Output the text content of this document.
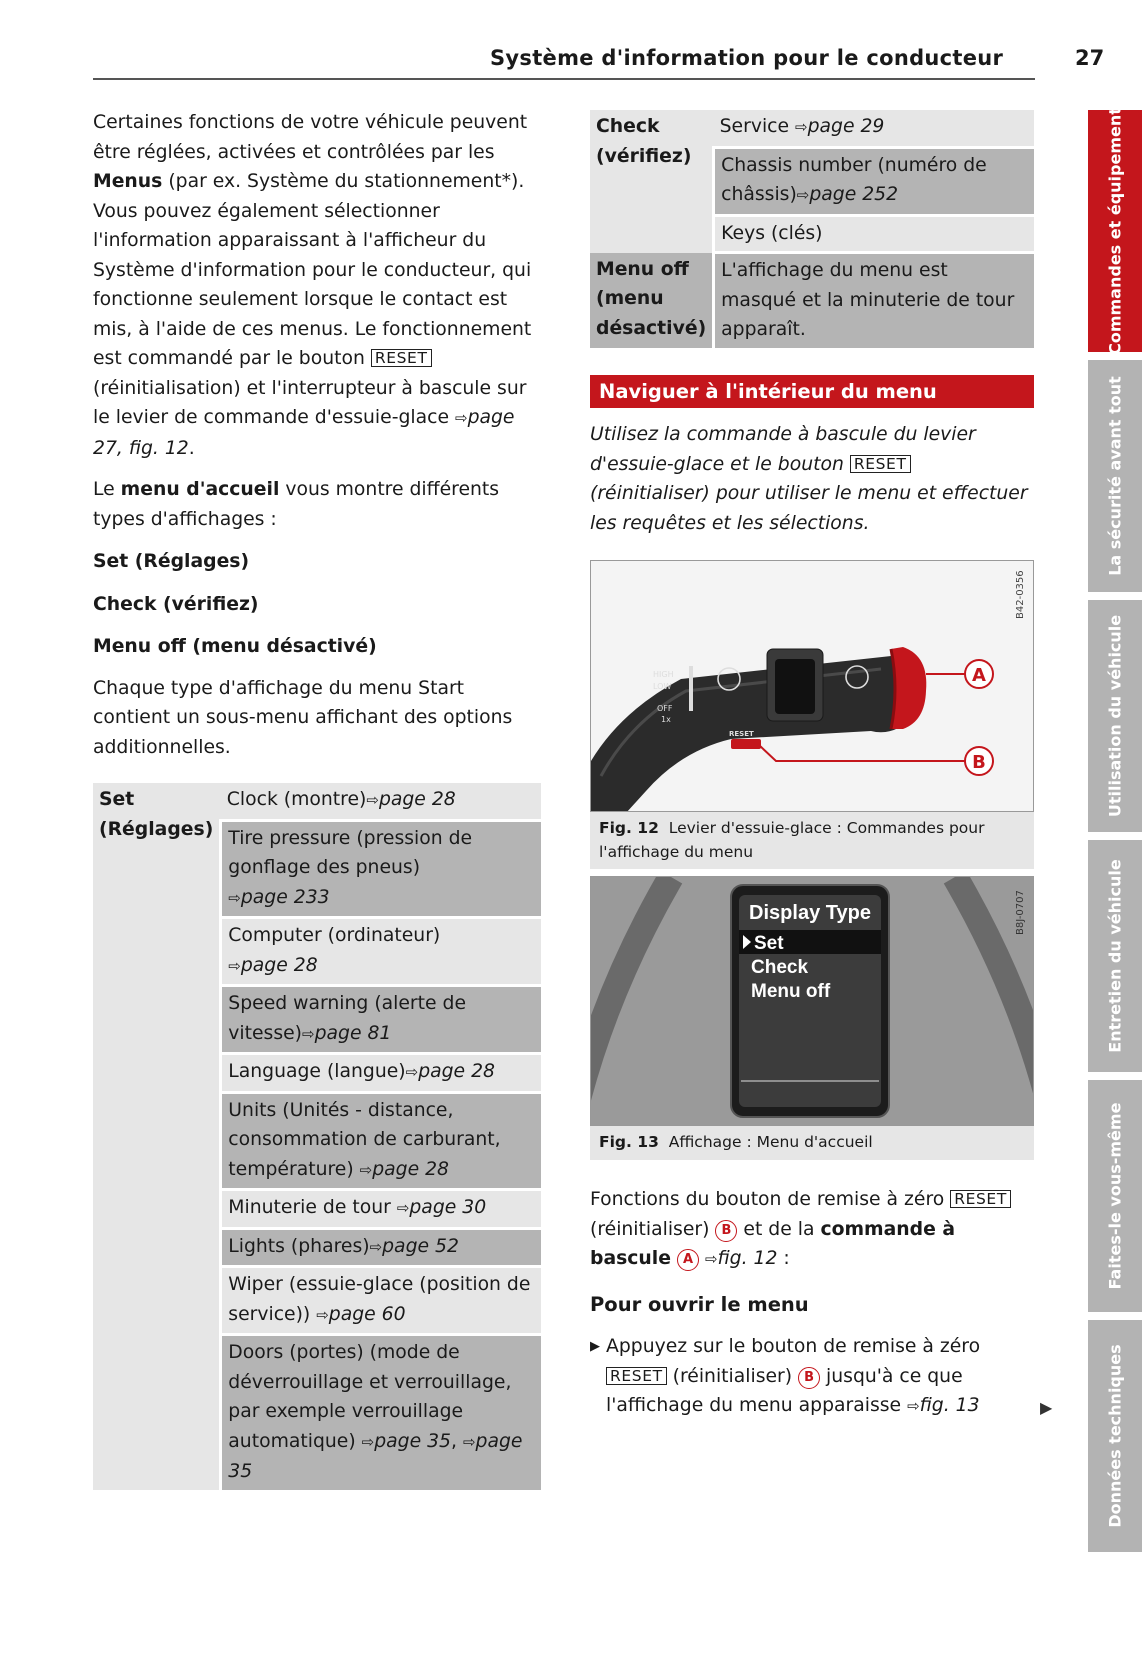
Système d'information pour le conducteur	27

Certaines fonctions de votre véhicule peuvent être réglées, activées et contrôlées par les Menus (par ex. Système du stationnement*). Vous pouvez également sélectionner l'information apparaissant à l'afficheur du Système d'information pour le conducteur, qui fonctionne seulement lorsque le contact est mis, à l'aide de ces menus. Le fonctionnement est commandé par le bouton RESET (réinitialisation) et l'interrupteur à bascule sur le levier de commande d'essuie-glace ⇨page 27, fig. 12.

Le menu d'accueil vous montre différents types d'affichages :

Set (Réglages)

Check (vérifiez)

Menu off (menu désactivé)

Chaque type d'affichage du menu Start contient un sous-menu affichant des options additionnelles.

Set (Réglages)	Clock (montre)⇨page 28
Tire pressure (pression de gonflage des pneus)
⇨page 233
Computer (ordinateur)
⇨page 28
Speed warning (alerte de vitesse)⇨page 81
Language (langue)⇨page 28
Units (Unités - distance, consommation de carburant, température) ⇨page 28
Minuterie de tour ⇨page 30
Lights (phares)⇨page 52
Wiper (essuie-glace (position de service)) ⇨page 60
Doors (portes) (mode de déverrouillage et verrouillage, par exemple verrouillage automatique) ⇨page 35, ⇨page 35
Check (vérifiez)	Service ⇨page 29
	Chassis number (numéro de châssis)⇨page 252
	Keys (clés)
Menu off (menu désactivé)	L'affichage du menu est masqué et la minuterie de tour apparaît.
Naviguer à l'intérieur du menu

Utilisez la commande à bascule du levier d'essuie-glace et le bouton RESET (réinitialiser) pour utiliser le menu et effectuer les requêtes et les sélections.

HIGH
LOW
OFF
1x
RESET
A
B
B42-0356
Fig. 12 Levier d'essuie-glace : Commandes pour l'affichage du menu
Display Type
Set
Check
Menu off
B8J-0707
Fig. 13 Affichage : Menu d'accueil

Fonctions du bouton de remise à zéro RESET (réinitialiser) B et de la commande à bascule A ⇨fig. 12 :

Pour ouvrir le menu
▶ Appuyez sur le bouton de remise à zéro RESET (réinitialiser) B jusqu'à ce que l'affichage du menu apparaisse ⇨fig. 13	▶
Commandes et équipement
La sécurité avant tout
Utilisation du véhicule
Entretien du véhicule
Faites-le vous-même
Données techniques
